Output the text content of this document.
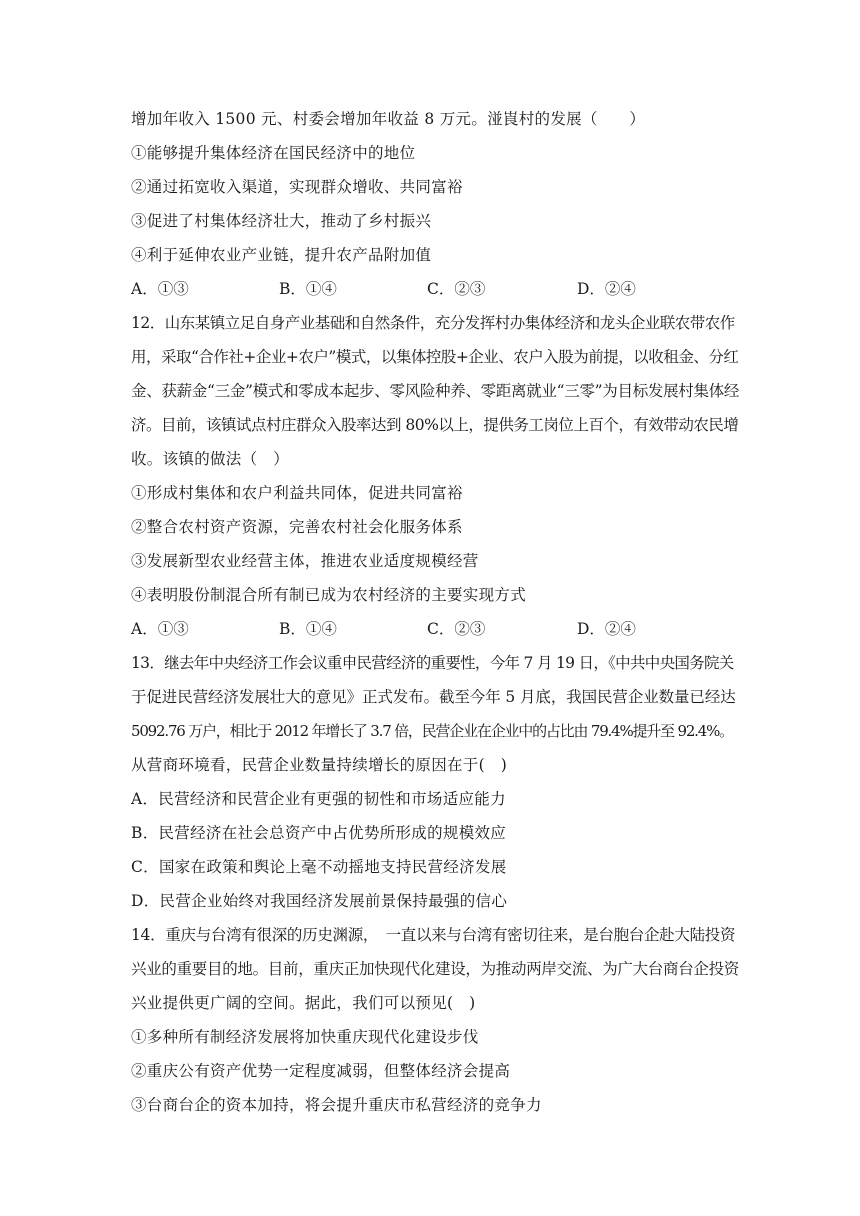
增加年收入 1500 元、村委会增加年收益 8 万元。湴崀村的发展（　　）
①能够提升集体经济在国民经济中的地位
②通过拓宽收入渠道，实现群众增收、共同富裕
③促进了村集体经济壮大，推动了乡村振兴
④利于延伸农业产业链，提升农产品附加值
A．①③	B．①④	C．②③	D．②④
12．山东某镇立足自身产业基础和自然条件，充分发挥村办集体经济和龙头企业联农带农作
用，采取“合作社+企业+农户”模式，以集体控股+企业、农户入股为前提，以收租金、分红
金、获薪金“三金”模式和零成本起步、零风险种养、零距离就业“三零”为目标发展村集体经
济。目前，该镇试点村庄群众入股率达到 80%以上，提供务工岗位上百个，有效带动农民增
收。该镇的做法（　）
①形成村集体和农户利益共同体，促进共同富裕
②整合农村资产资源，完善农村社会化服务体系
③发展新型农业经营主体，推进农业适度规模经营
④表明股份制混合所有制已成为农村经济的主要实现方式
A．①③	B．①④	C．②③	D．②④
13．继去年中央经济工作会议重申民营经济的重要性，今年 7 月 19 日，《中共中央国务院关
于促进民营经济发展壮大的意见》正式发布。截至今年 5 月底，我国民营企业数量已经达
5092.76 万户，相比于 2012 年增长了 3.7 倍，民营企业在企业中的占比由 79.4%提升至 92.4%。
从营商环境看，民营企业数量持续增长的原因在于(　)
A．民营经济和民营企业有更强的韧性和市场适应能力
B．民营经济在社会总资产中占优势所形成的规模效应
C．国家在政策和舆论上毫不动摇地支持民营经济发展
D．民营企业始终对我国经济发展前景保持最强的信心
14．重庆与台湾有很深的历史渊源，　一直以来与台湾有密切往来，是台胞台企赴大陆投资
兴业的重要目的地。目前，重庆正加快现代化建设，为推动两岸交流、为广大台商台企投资
兴业提供更广阔的空间。据此，我们可以预见(　)
①多种所有制经济发展将加快重庆现代化建设步伐
②重庆公有资产优势一定程度减弱，但整体经济会提高
③台商台企的资本加持，将会提升重庆市私营经济的竞争力
